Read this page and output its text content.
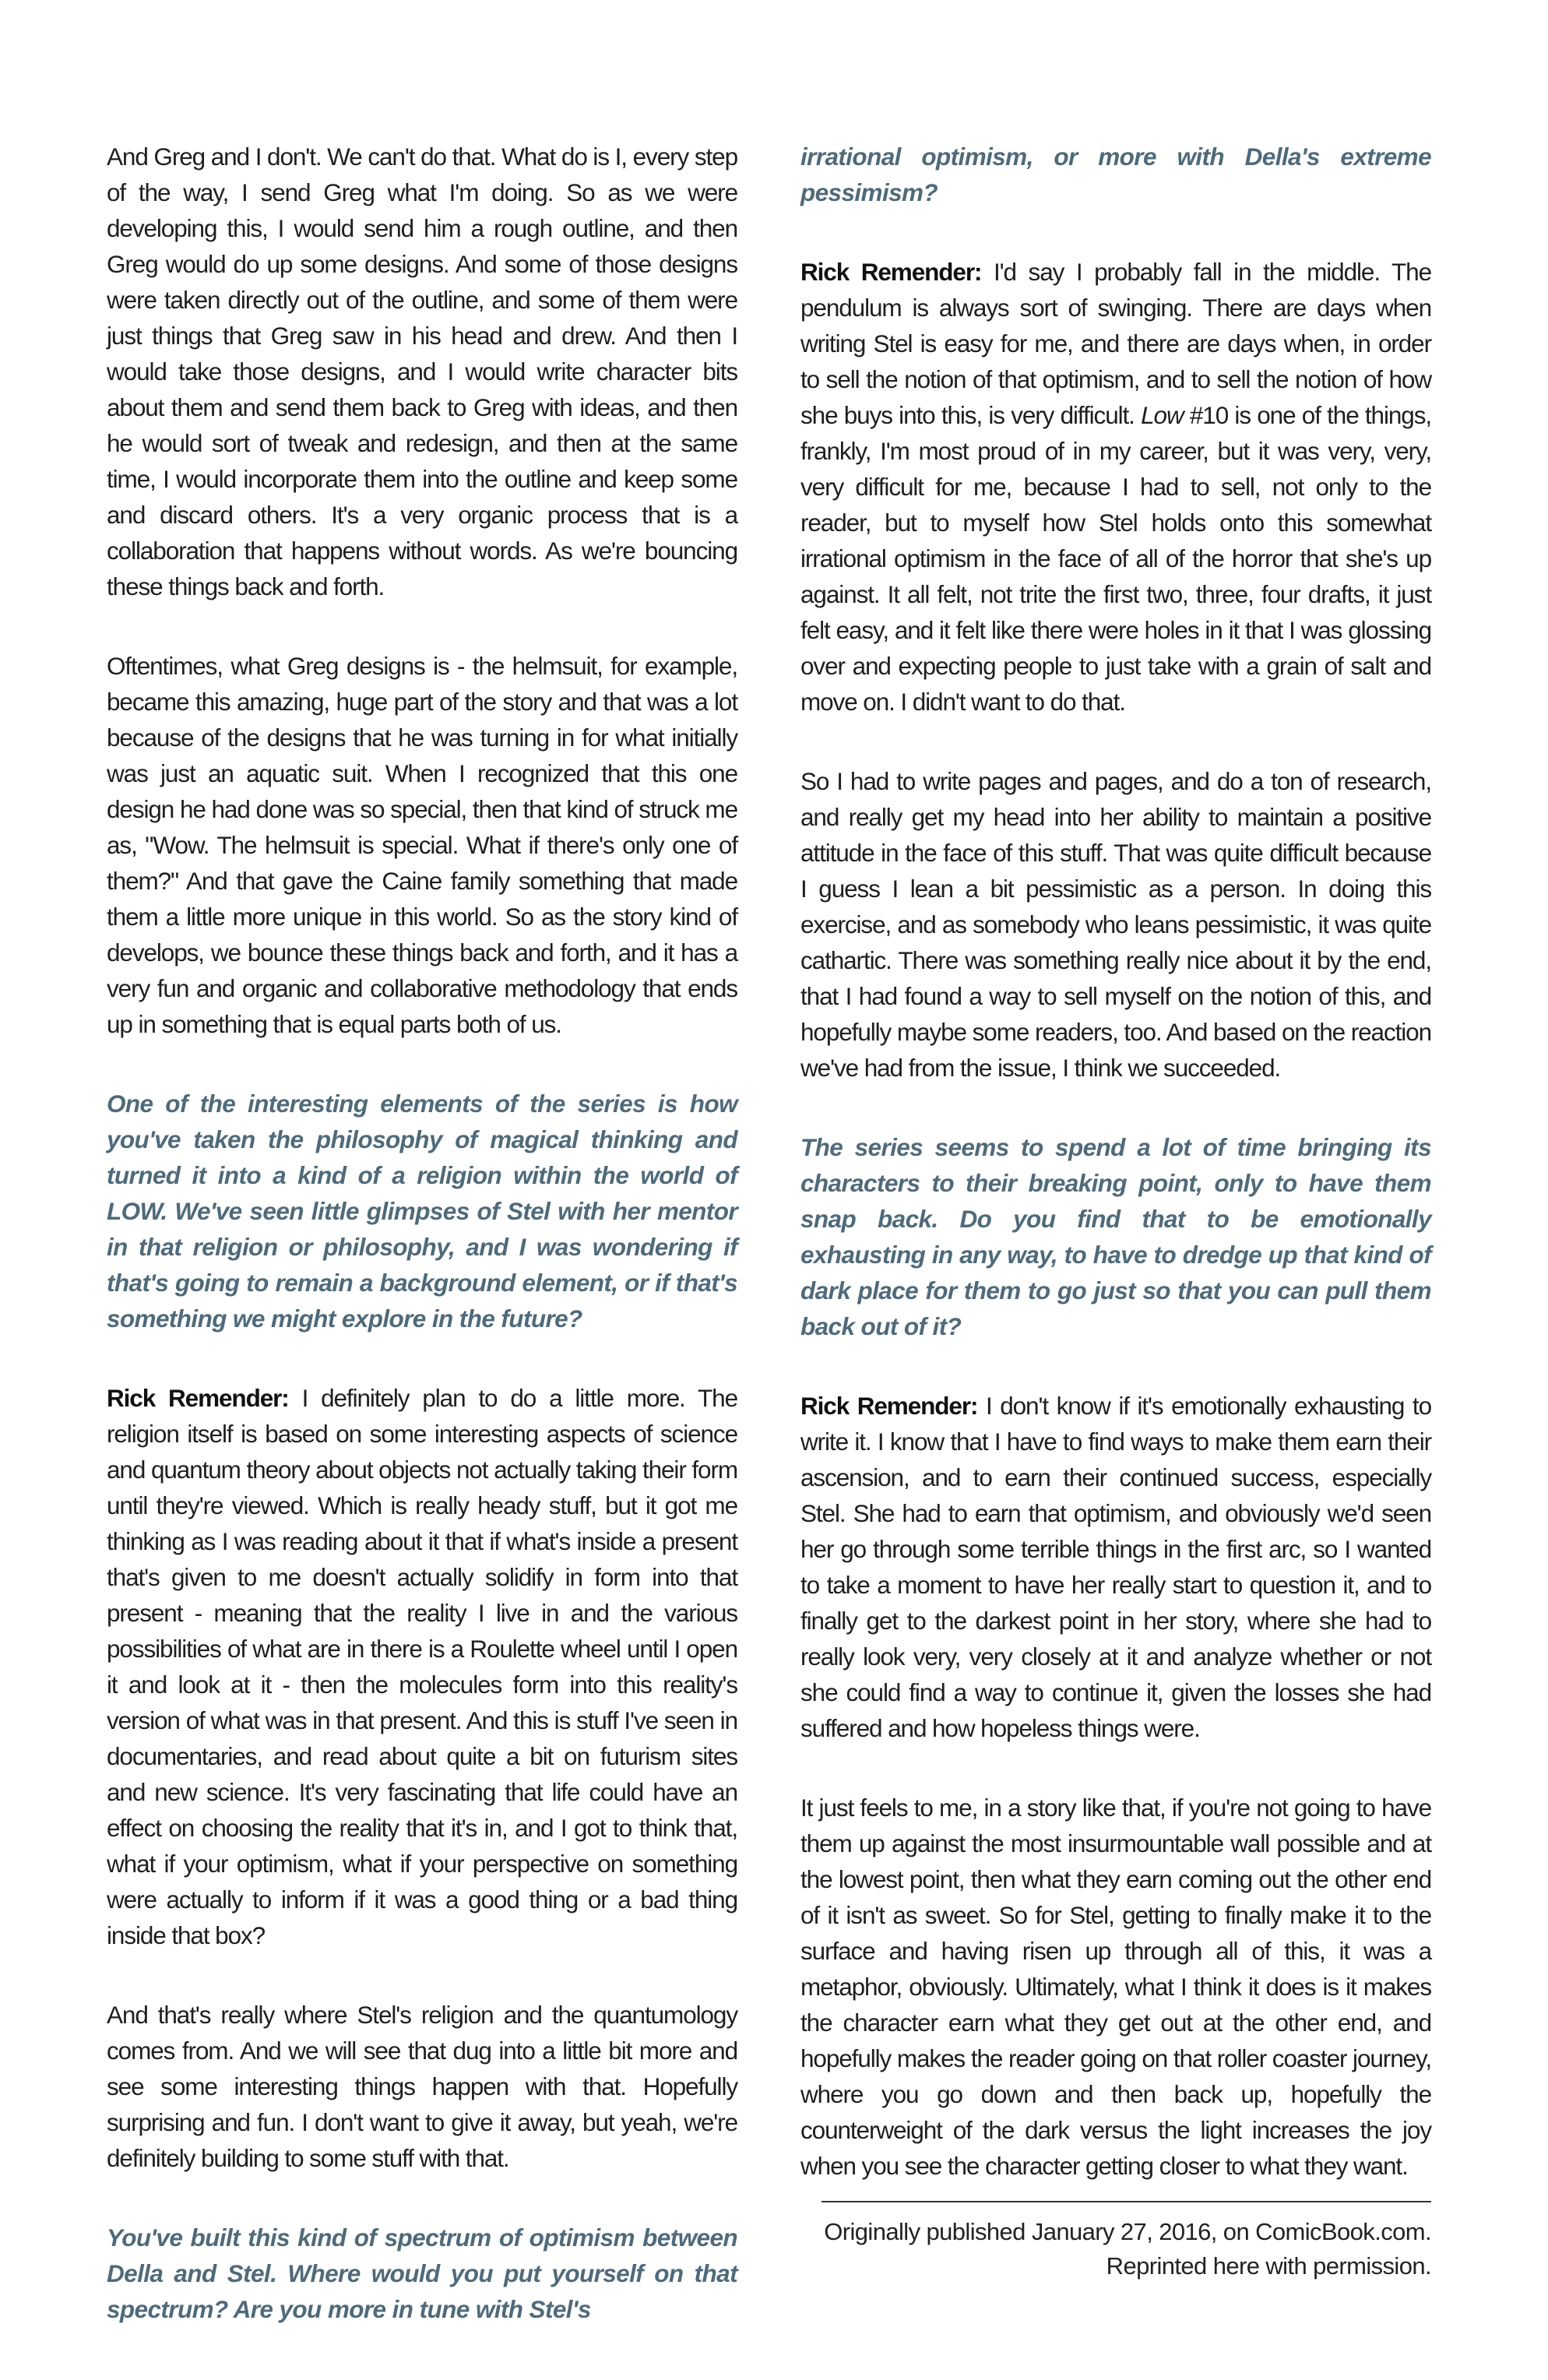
And Greg and I don't. We can't do that. What do is I, every step of the way, I send Greg what I'm doing. So as we were developing this, I would send him a rough outline, and then Greg would do up some designs. And some of those designs were taken directly out of the outline, and some of them were just things that Greg saw in his head and drew. And then I would take those designs, and I would write character bits about them and send them back to Greg with ideas, and then he would sort of tweak and redesign, and then at the same time, I would incorporate them into the outline and keep some and discard others. It's a very organic process that is a collaboration that happens without words. As we're bouncing these things back and forth.

Oftentimes, what Greg designs is - the helmsuit, for example, became this amazing, huge part of the story and that was a lot because of the designs that he was turning in for what initially was just an aquatic suit. When I recognized that this one design he had done was so special, then that kind of struck me as, "Wow. The helmsuit is special. What if there's only one of them?" And that gave the Caine family something that made them a little more unique in this world. So as the story kind of develops, we bounce these things back and forth, and it has a very fun and organic and collaborative methodology that ends up in something that is equal parts both of us.

One of the interesting elements of the series is how you've taken the philosophy of magical thinking and turned it into a kind of a religion within the world of LOW. We've seen little glimpses of Stel with her mentor in that religion or philosophy, and I was wondering if that's going to remain a background element, or if that's something we might explore in the future?

Rick Remender: I definitely plan to do a little more. The religion itself is based on some interesting aspects of science and quantum theory about objects not actually taking their form until they're viewed. Which is really heady stuff, but it got me thinking as I was reading about it that if what's inside a present that's given to me doesn't actually solidify in form into that present - meaning that the reality I live in and the various possibilities of what are in there is a Roulette wheel until I open it and look at it - then the molecules form into this reality's version of what was in that present. And this is stuff I've seen in documentaries, and read about quite a bit on futurism sites and new science. It's very fascinating that life could have an effect on choosing the reality that it's in, and I got to think that, what if your optimism, what if your perspective on something were actually to inform if it was a good thing or a bad thing inside that box?

And that's really where Stel's religion and the quantumology comes from. And we will see that dug into a little bit more and see some interesting things happen with that. Hopefully surprising and fun. I don't want to give it away, but yeah, we're definitely building to some stuff with that.

You've built this kind of spectrum of optimism between Della and Stel. Where would you put yourself on that spectrum? Are you more in tune with Stel's

irrational optimism, or more with Della's extreme pessimism?

Rick Remender: I'd say I probably fall in the middle. The pendulum is always sort of swinging. There are days when writing Stel is easy for me, and there are days when, in order to sell the notion of that optimism, and to sell the notion of how she buys into this, is very difficult. Low #10 is one of the things, frankly, I'm most proud of in my career, but it was very, very, very difficult for me, because I had to sell, not only to the reader, but to myself how Stel holds onto this somewhat irrational optimism in the face of all of the horror that she's up against. It all felt, not trite the first two, three, four drafts, it just felt easy, and it felt like there were holes in it that I was glossing over and expecting people to just take with a grain of salt and move on. I didn't want to do that.

So I had to write pages and pages, and do a ton of research, and really get my head into her ability to maintain a positive attitude in the face of this stuff. That was quite difficult because I guess I lean a bit pessimistic as a person. In doing this exercise, and as somebody who leans pessimistic, it was quite cathartic. There was something really nice about it by the end, that I had found a way to sell myself on the notion of this, and hopefully maybe some readers, too. And based on the reaction we've had from the issue, I think we succeeded.

The series seems to spend a lot of time bringing its characters to their breaking point, only to have them snap back. Do you find that to be emotionally exhausting in any way, to have to dredge up that kind of dark place for them to go just so that you can pull them back out of it?

Rick Remender: I don't know if it's emotionally exhausting to write it. I know that I have to find ways to make them earn their ascension, and to earn their continued success, especially Stel. She had to earn that optimism, and obviously we'd seen her go through some terrible things in the first arc, so I wanted to take a moment to have her really start to question it, and to finally get to the darkest point in her story, where she had to really look very, very closely at it and analyze whether or not she could find a way to continue it, given the losses she had suffered and how hopeless things were.

It just feels to me, in a story like that, if you're not going to have them up against the most insurmountable wall possible and at the lowest point, then what they earn coming out the other end of it isn't as sweet. So for Stel, getting to finally make it to the surface and having risen up through all of this, it was a metaphor, obviously. Ultimately, what I think it does is it makes the character earn what they get out at the other end, and hopefully makes the reader going on that roller coaster journey, where you go down and then back up, hopefully the counterweight of the dark versus the light increases the joy when you see the character getting closer to what they want.

Originally published January 27, 2016, on ComicBook.com.
Reprinted here with permission.
